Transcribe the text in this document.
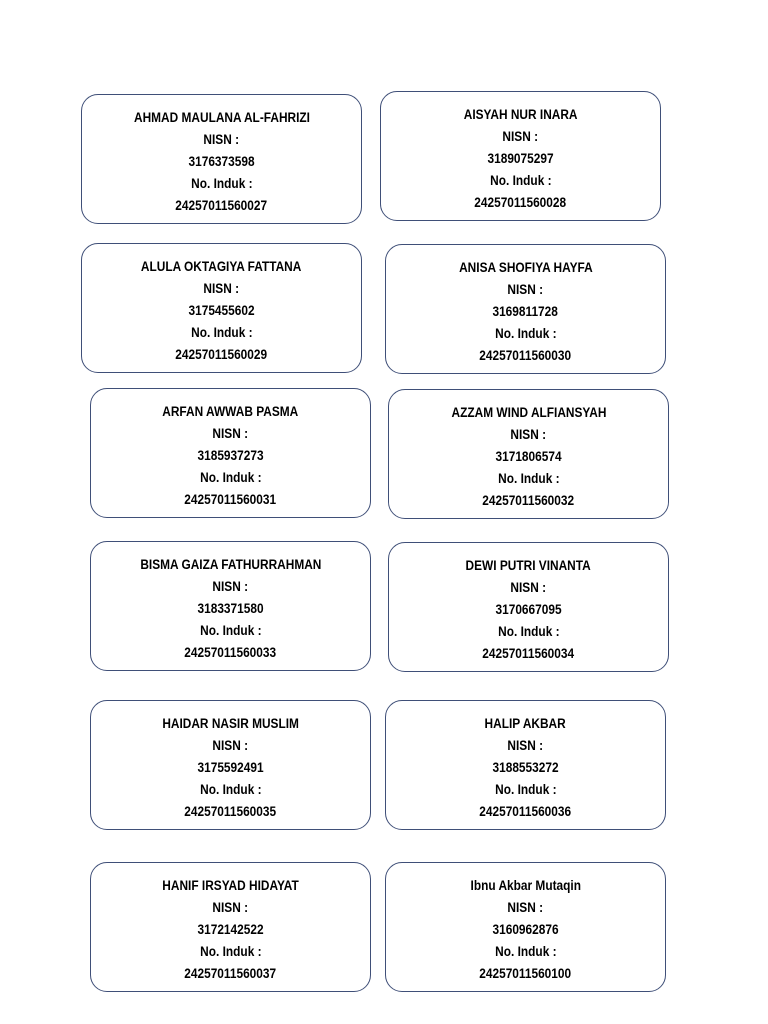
AHMAD MAULANA AL-FAHRIZI
NISN :
3176373598
No. Induk :
24257011560027
AISYAH NUR INARA
NISN :
3189075297
No. Induk :
24257011560028
ALULA OKTAGIYA FATTANA
NISN :
3175455602
No. Induk :
24257011560029
ANISA SHOFIYA HAYFA
NISN :
3169811728
No. Induk :
24257011560030
ARFAN AWWAB PASMA
NISN :
3185937273
No. Induk :
24257011560031
AZZAM WIND ALFIANSYAH
NISN :
3171806574
No. Induk :
24257011560032
BISMA GAIZA FATHURRAHMAN
NISN :
3183371580
No. Induk :
24257011560033
DEWI PUTRI VINANTA
NISN :
3170667095
No. Induk :
24257011560034
HAIDAR NASIR MUSLIM
NISN :
3175592491
No. Induk :
24257011560035
HALIP AKBAR
NISN :
3188553272
No. Induk :
24257011560036
HANIF IRSYAD HIDAYAT
NISN :
3172142522
No. Induk :
24257011560037
Ibnu Akbar Mutaqin
NISN :
3160962876
No. Induk :
24257011560100
